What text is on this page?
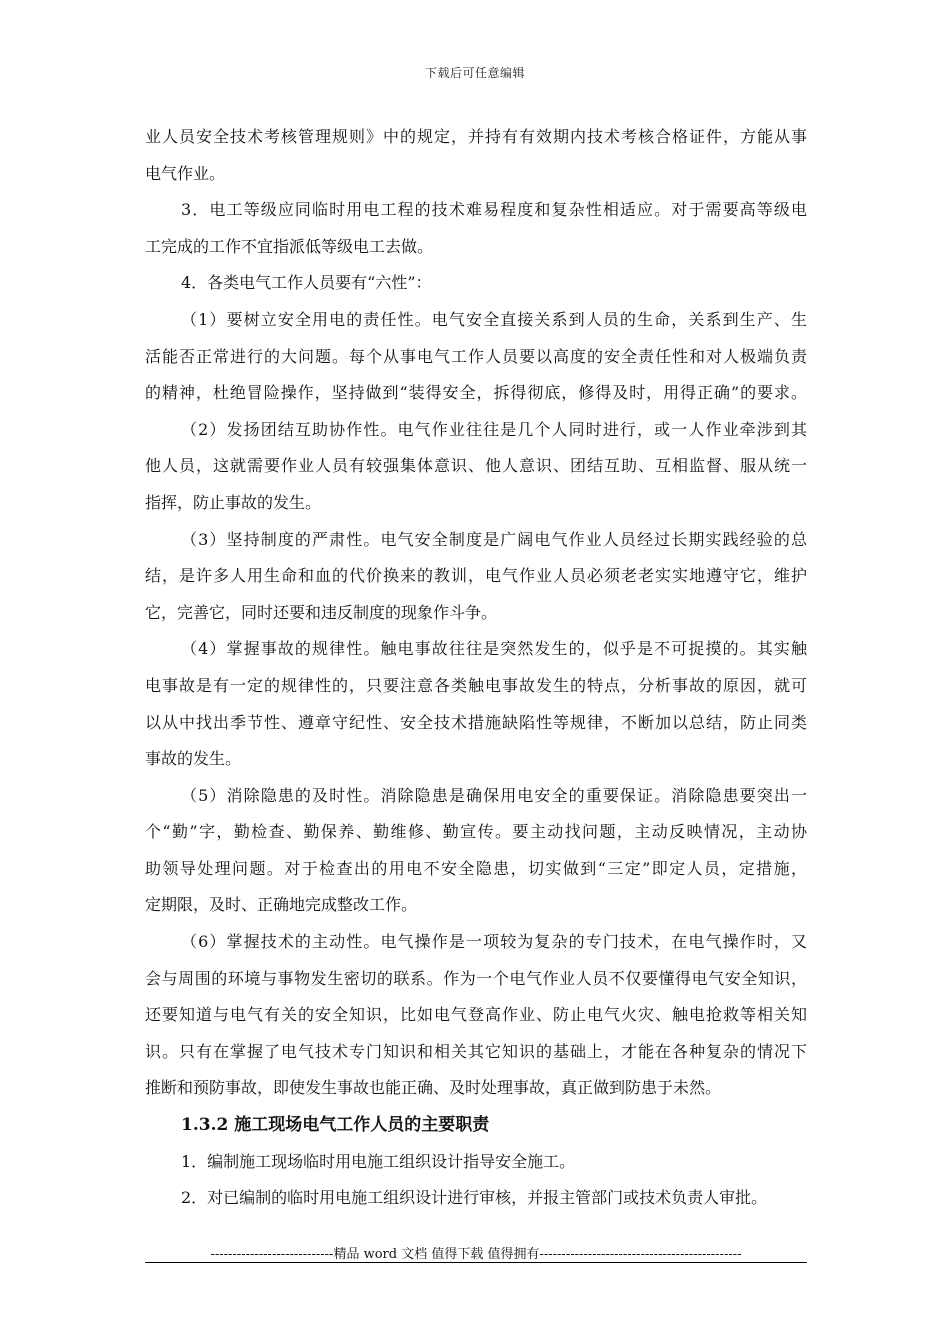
下载后可任意编辑
业人员安全技术考核管理规则》中的规定，并持有有效期内技术考核合格证件，方能从事
电气作业。
3．电工等级应同临时用电工程的技术难易程度和复杂性相适应。对于需要高等级电
工完成的工作不宜指派低等级电工去做。
4．各类电气工作人员要有“六性”：
（1）要树立安全用电的责任性。电气安全直接关系到人员的生命，关系到生产、生
活能否正常进行的大问题。每个从事电气工作人员要以高度的安全责任性和对人极端负责
的精神，杜绝冒险操作，坚持做到“装得安全，拆得彻底，修得及时，用得正确”的要求。
（2）发扬团结互助协作性。电气作业往往是几个人同时进行，或一人作业牵涉到其
他人员，这就需要作业人员有较强集体意识、他人意识、团结互助、互相监督、服从统一
指挥，防止事故的发生。
（3）坚持制度的严肃性。电气安全制度是广阔电气作业人员经过长期实践经验的总
结，是许多人用生命和血的代价换来的教训，电气作业人员必须老老实实地遵守它，维护
它，完善它，同时还要和违反制度的现象作斗争。
（4）掌握事故的规律性。触电事故往往是突然发生的，似乎是不可捉摸的。其实触
电事故是有一定的规律性的，只要注意各类触电事故发生的特点，分析事故的原因，就可
以从中找出季节性、遵章守纪性、安全技术措施缺陷性等规律，不断加以总结，防止同类
事故的发生。
（5）消除隐患的及时性。消除隐患是确保用电安全的重要保证。消除隐患要突出一
个“勤”字，勤检查、勤保养、勤维修、勤宣传。要主动找问题，主动反映情况，主动协
助领导处理问题。对于检查出的用电不安全隐患，切实做到“三定”即定人员，定措施，
定期限，及时、正确地完成整改工作。
（6）掌握技术的主动性。电气操作是一项较为复杂的专门技术，在电气操作时，又
会与周围的环境与事物发生密切的联系。作为一个电气作业人员不仅要懂得电气安全知识，
还要知道与电气有关的安全知识，比如电气登高作业、防止电气火灾、触电抢救等相关知
识。只有在掌握了电气技术专门知识和相关其它知识的基础上，才能在各种复杂的情况下
推断和预防事故，即使发生事故也能正确、及时处理事故，真正做到防患于未然。
1.3.2 施工现场电气工作人员的主要职责
1．编制施工现场临时用电施工组织设计指导安全施工。
2．对已编制的临时用电施工组织设计进行审核，并报主管部门或技术负责人审批。
----------------------------精品 word 文档 值得下载 值得拥有----------------------------------------------
